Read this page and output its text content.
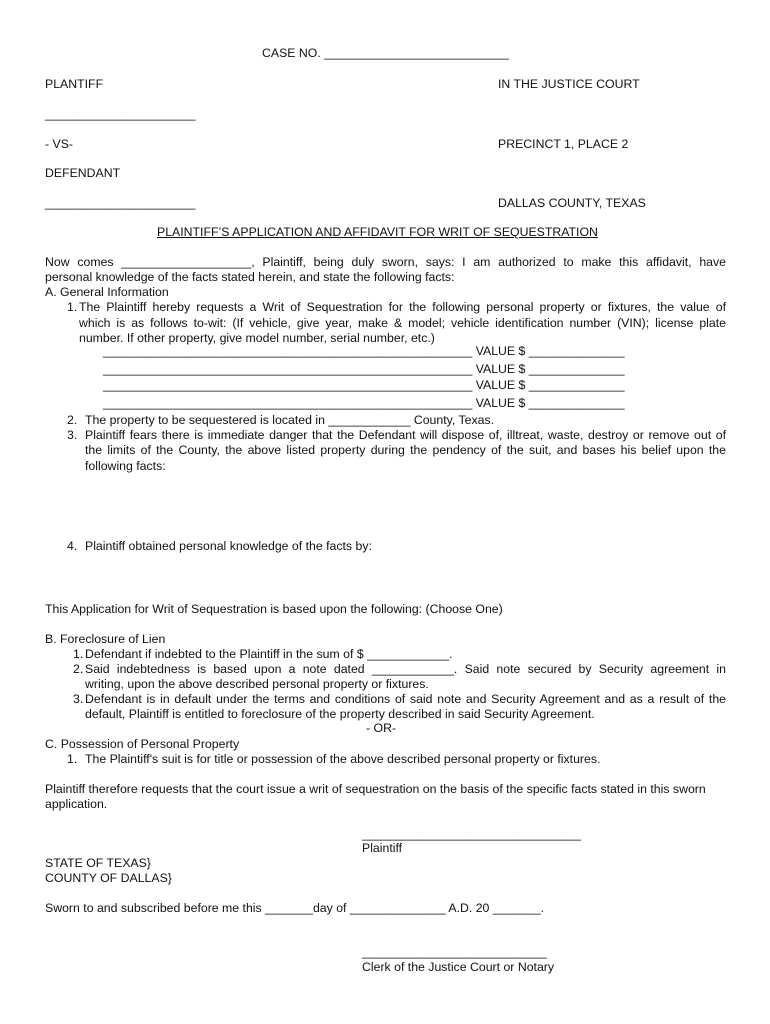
CASE NO. ___________________________
PLANTIFF	IN THE JUSTICE COURT
______________________
- VS-	PRECINCT 1, PLACE 2
DEFENDANT
______________________	DALLAS COUNTY, TEXAS
PLAINTIFF’S APPLICATION AND AFFIDAVIT FOR WRIT OF SEQUESTRATION
Now comes ___________________, Plaintiff, being duly sworn, says: I am authorized to make this affidavit, have
personal knowledge of the facts stated herein, and state the following facts:
A. General Information
1. The Plaintiff hereby requests a Writ of Sequestration for the following personal property or fixtures, the value of
which is as follows to-wit: (If vehicle, give year, make & model; vehicle identification number (VIN); license plate
number. If other property, give model number, serial number, etc.)
______________________________________________________ VALUE $ ______________
______________________________________________________ VALUE $ ______________
______________________________________________________ VALUE $ ______________
______________________________________________________ VALUE $ ______________
2. The property to be sequestered is located in ____________ County, Texas.
3. Plaintiff fears there is immediate danger that the Defendant will dispose of, illtreat, waste, destroy or remove out of
the limits of the County, the above listed property during the pendency of the suit, and bases his belief upon the
following facts:
4. Plaintiff obtained personal knowledge of the facts by:
This Application for Writ of Sequestration is based upon the following: (Choose One)
B. Foreclosure of Lien
1. Defendant if indebted to the Plaintiff in the sum of $ ____________.
2. Said indebtedness is based upon a note dated ____________. Said note secured by Security agreement in
writing, upon the above described personal property or fixtures.
3. Defendant is in default under the terms and conditions of said note and Security Agreement and as a result of the
default, Plaintiff is entitled to foreclosure of the property described in said Security Agreement.
- OR-
C. Possession of Personal Property
1. The Plaintiff's suit is for title or possession of the above described personal property or fixtures.
Plaintiff therefore requests that the court issue a writ of sequestration on the basis of the specific facts stated in this sworn
application.
________________________________
Plaintiff
STATE OF TEXAS}
COUNTY OF DALLAS}
Sworn to and subscribed before me this _______day of ______________ A.D. 20 _______.
___________________________
Clerk of the Justice Court or Notary
